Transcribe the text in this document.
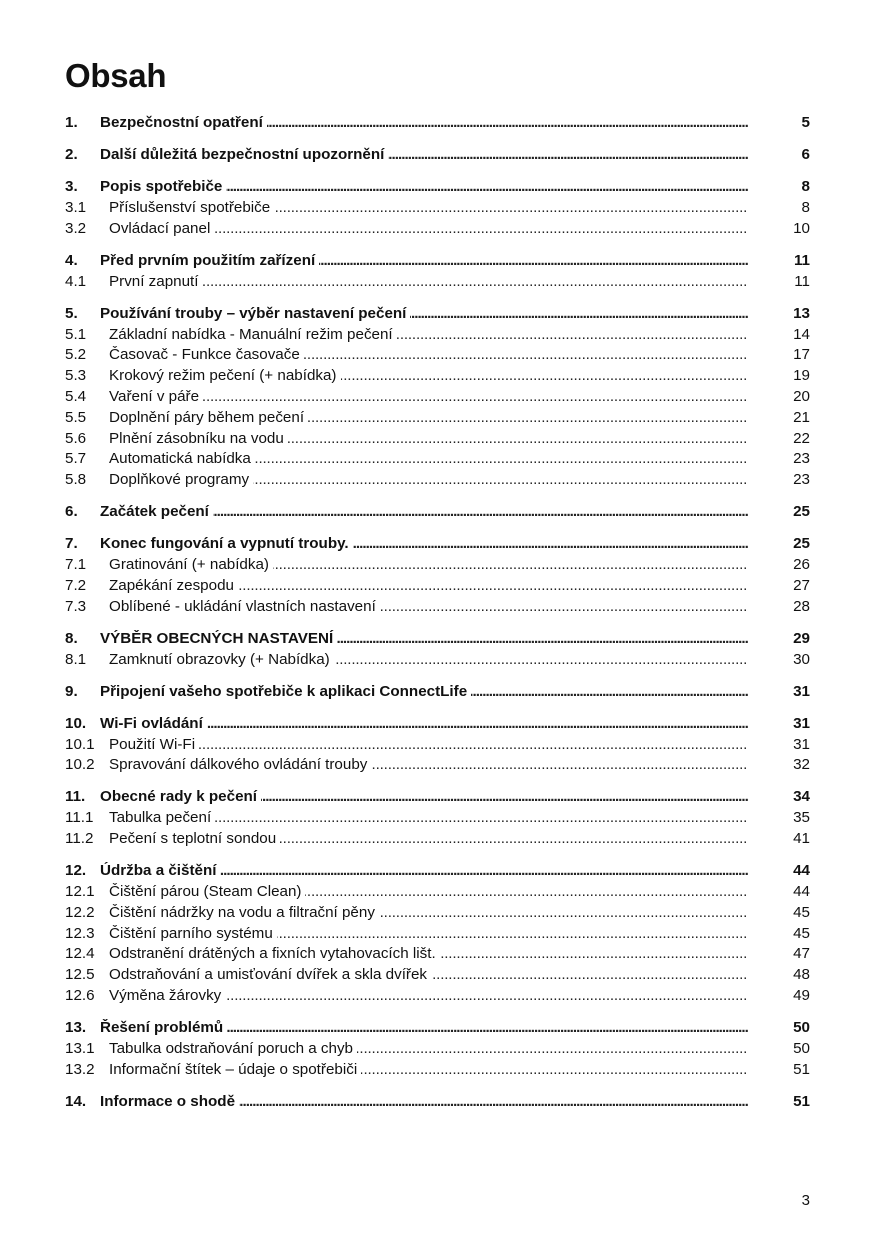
Obsah
1.	Bezpečnostní opatření . . .	5
2.	Další důležitá bezpečnostní upozornění . . .	6
3.	Popis spotřebiče . . .	8
3.1	Příslušenství spotřebiče . . .	8
3.2	Ovládací panel . . .	10
4.	Před prvním použitím zařízení . . .	11
4.1	První zapnutí . . .	11
5.	Používání trouby – výběr nastavení pečení . . .	13
5.1	Základní nabídka - Manuální režim pečení . . .	14
5.2	Časovač - Funkce časovače . . .	17
5.3	Krokový režim pečení (+ nabídka) . . .	19
5.4	Vaření v páře . . .	20
5.5	Doplnění páry během pečení . . .	21
5.6	Plnění zásobníku na vodu . . .	22
5.7	Automatická nabídka . . .	23
5.8	Doplňkové programy . . .	23
6.	Začátek pečení . . .	25
7.	Konec fungování a vypnutí trouby. . . .	25
7.1	Gratinování (+ nabídka) . . .	26
7.2	Zapékání zespodu . . .	27
7.3	Oblíbené - ukládání vlastních nastavení . . .	28
8.	VÝBĚR OBECNÝCH NASTAVENÍ . . .	29
8.1	Zamknutí obrazovky (+ Nabídka) . . .	30
9.	Připojení vašeho spotřebiče k aplikaci ConnectLife . . .	31
10. Wi-Fi ovládání . . .	31
10.1 Použití Wi-Fi . . .	31
10.2 Spravování dálkového ovládání trouby . . .	32
11. Obecné rady k pečení . . .	34
11.1	Tabulka pečení . . .	35
11.2	Pečení s teplotní sondou . . .	41
12. Údržba a čištění . . .	44
12.1 Čištění párou (Steam Clean) . . .	44
12.2 Čištění nádržky na vodu a filtrační pěny . . .	45
12.3 Čištění parního systému . . .	45
12.4 Odstranění drátěných a fixních vytahovacích lišt. . . .	47
12.5 Odstraňování a umisťování dvířek a skla dvířek . . .	48
12.6 Výměna žárovky . . .	49
13. Řešení problémů . . .	50
13.1 Tabulka odstraňování poruch a chyb . . .	50
13.2 Informační štítek – údaje o spotřebiči . . .	51
14. Informace o shodě . . .	51
3
